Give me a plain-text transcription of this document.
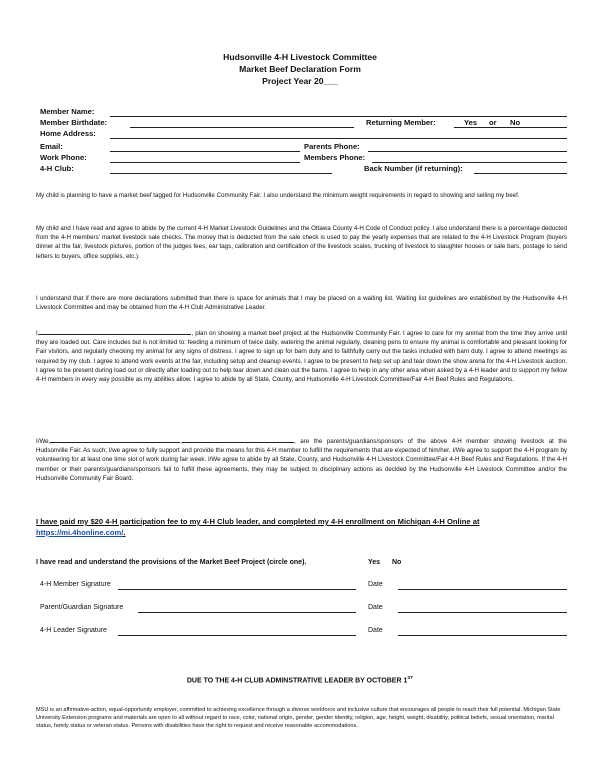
Hudsonville 4-H Livestock Committee
Market Beef Declaration Form
Project Year 20___
Member Name:
Member Birthdate:	Returning Member:	Yes or No
Home Address:
Email:	Parents Phone:
Work Phone:	Members Phone:
4-H Club:	Back Number (if returning):

My child is planning to have a market beef tagged for Hudsonville Community Fair. I also understand the minimum weight requirements in regard to showing and selling my beef.

My child and I have read and agree to abide by the current 4-H Market Livestock Guidelines and the Ottawa County 4-H Code of Conduct policy. I also understand there is a percentage deducted from the 4-H members' market livestock sale checks. The money that is deducted from the sale check is used to pay the yearly expenses that are related to the 4-H Livestock Program (buyers dinner at the fair, livestock pictures, portion of the judges fees, ear tags, calibration and certification of the livestock scales, trucking of livestock to slaughter houses or sale bars, postage to send letters to buyers, office supplies, etc.).

I understand that if there are more declarations submitted than there is space for animals that I may be placed on a waiting list. Waiting list guidelines are established by the Hudsonville 4-H Livestock Committee and may be obtained from the 4-H Club Administrative Leader.

I,	, plan on showing a market beef project at the Hudsonville Community Fair. I agree to care for my animal from the time they arrive until they are loaded out. Care includes but is not limited to: feeding a minimum of twice daily, watering the animal regularly, cleaning pens to ensure my animal is comfortable and pleasant looking for Fair visitors, and regularly checking my animal for any signs of distress. I agree to sign up for barn duty and to faithfully carry out the tasks included with barn duty. I agree to attend meetings as required by my club. I agree to attend work events at the fair, including setup and cleanup events. I agree to be present to help set up and tear down the show arena for the 4-H Livestock auction. I agree to be present during load out or directly after loading out to help tear down and clean out the barns. I agree to help in any other area when asked by a 4-H leader and to support my fellow 4-H members in every way possible as my abilities allow. I agree to abide by all State, County, and Hudsonville 4-H Livestock Committee/Fair 4-H Beef Rules and Regulations.

I/We,	,	, are the parents/guardians/sponsors of the above 4-H member showing livestock at the Hudsonville Fair. As such; I/we agree to fully support and provide the means for this 4-H member to fulfill the requirements that are expected of him/her. I/We agree to support the 4-H program by volunteering for at least one time slot of work during fair week. I/We agree to abide by all State, County, and Hudsonville 4-H Livestock Committee/Fair 4-H Beef Rules and Regulations. If the 4-H member or their parents/guardians/sponsors fail to fulfill these agreements, they may be subject to disciplinary actions as decided by the Hudsonville 4-H Livestock Committee and/or the Hudsonville Community Fair Board.

I have paid my $20 4-H participation fee to my 4-H Club leader, and completed my 4-H enrollment on Michigan 4-H Online at https://mi.4honline.com/.

I have read and understand the provisions of the Market Beef Project (circle one).	Yes No
4-H Member Signature	Date
Parent/Guardian Signature	Date
4-H Leader Signature	Date
DUE TO THE 4-H CLUB ADMINSTRATIVE LEADER BY OCTOBER 1ST

MSU is an affirmative-action, equal-opportunity employer, committed to achieving excellence through a diverse workforce and inclusive culture that encourages all people to reach their full potential. Michigan State University Extension programs and materials are open to all without regard to race, color, national origin, gender, gender identity, religion, age, height, weight, disability, political beliefs, sexual orientation, marital status, family status or veteran status. Persons with disabilities have the right to request and receive reasonable accommodations.
